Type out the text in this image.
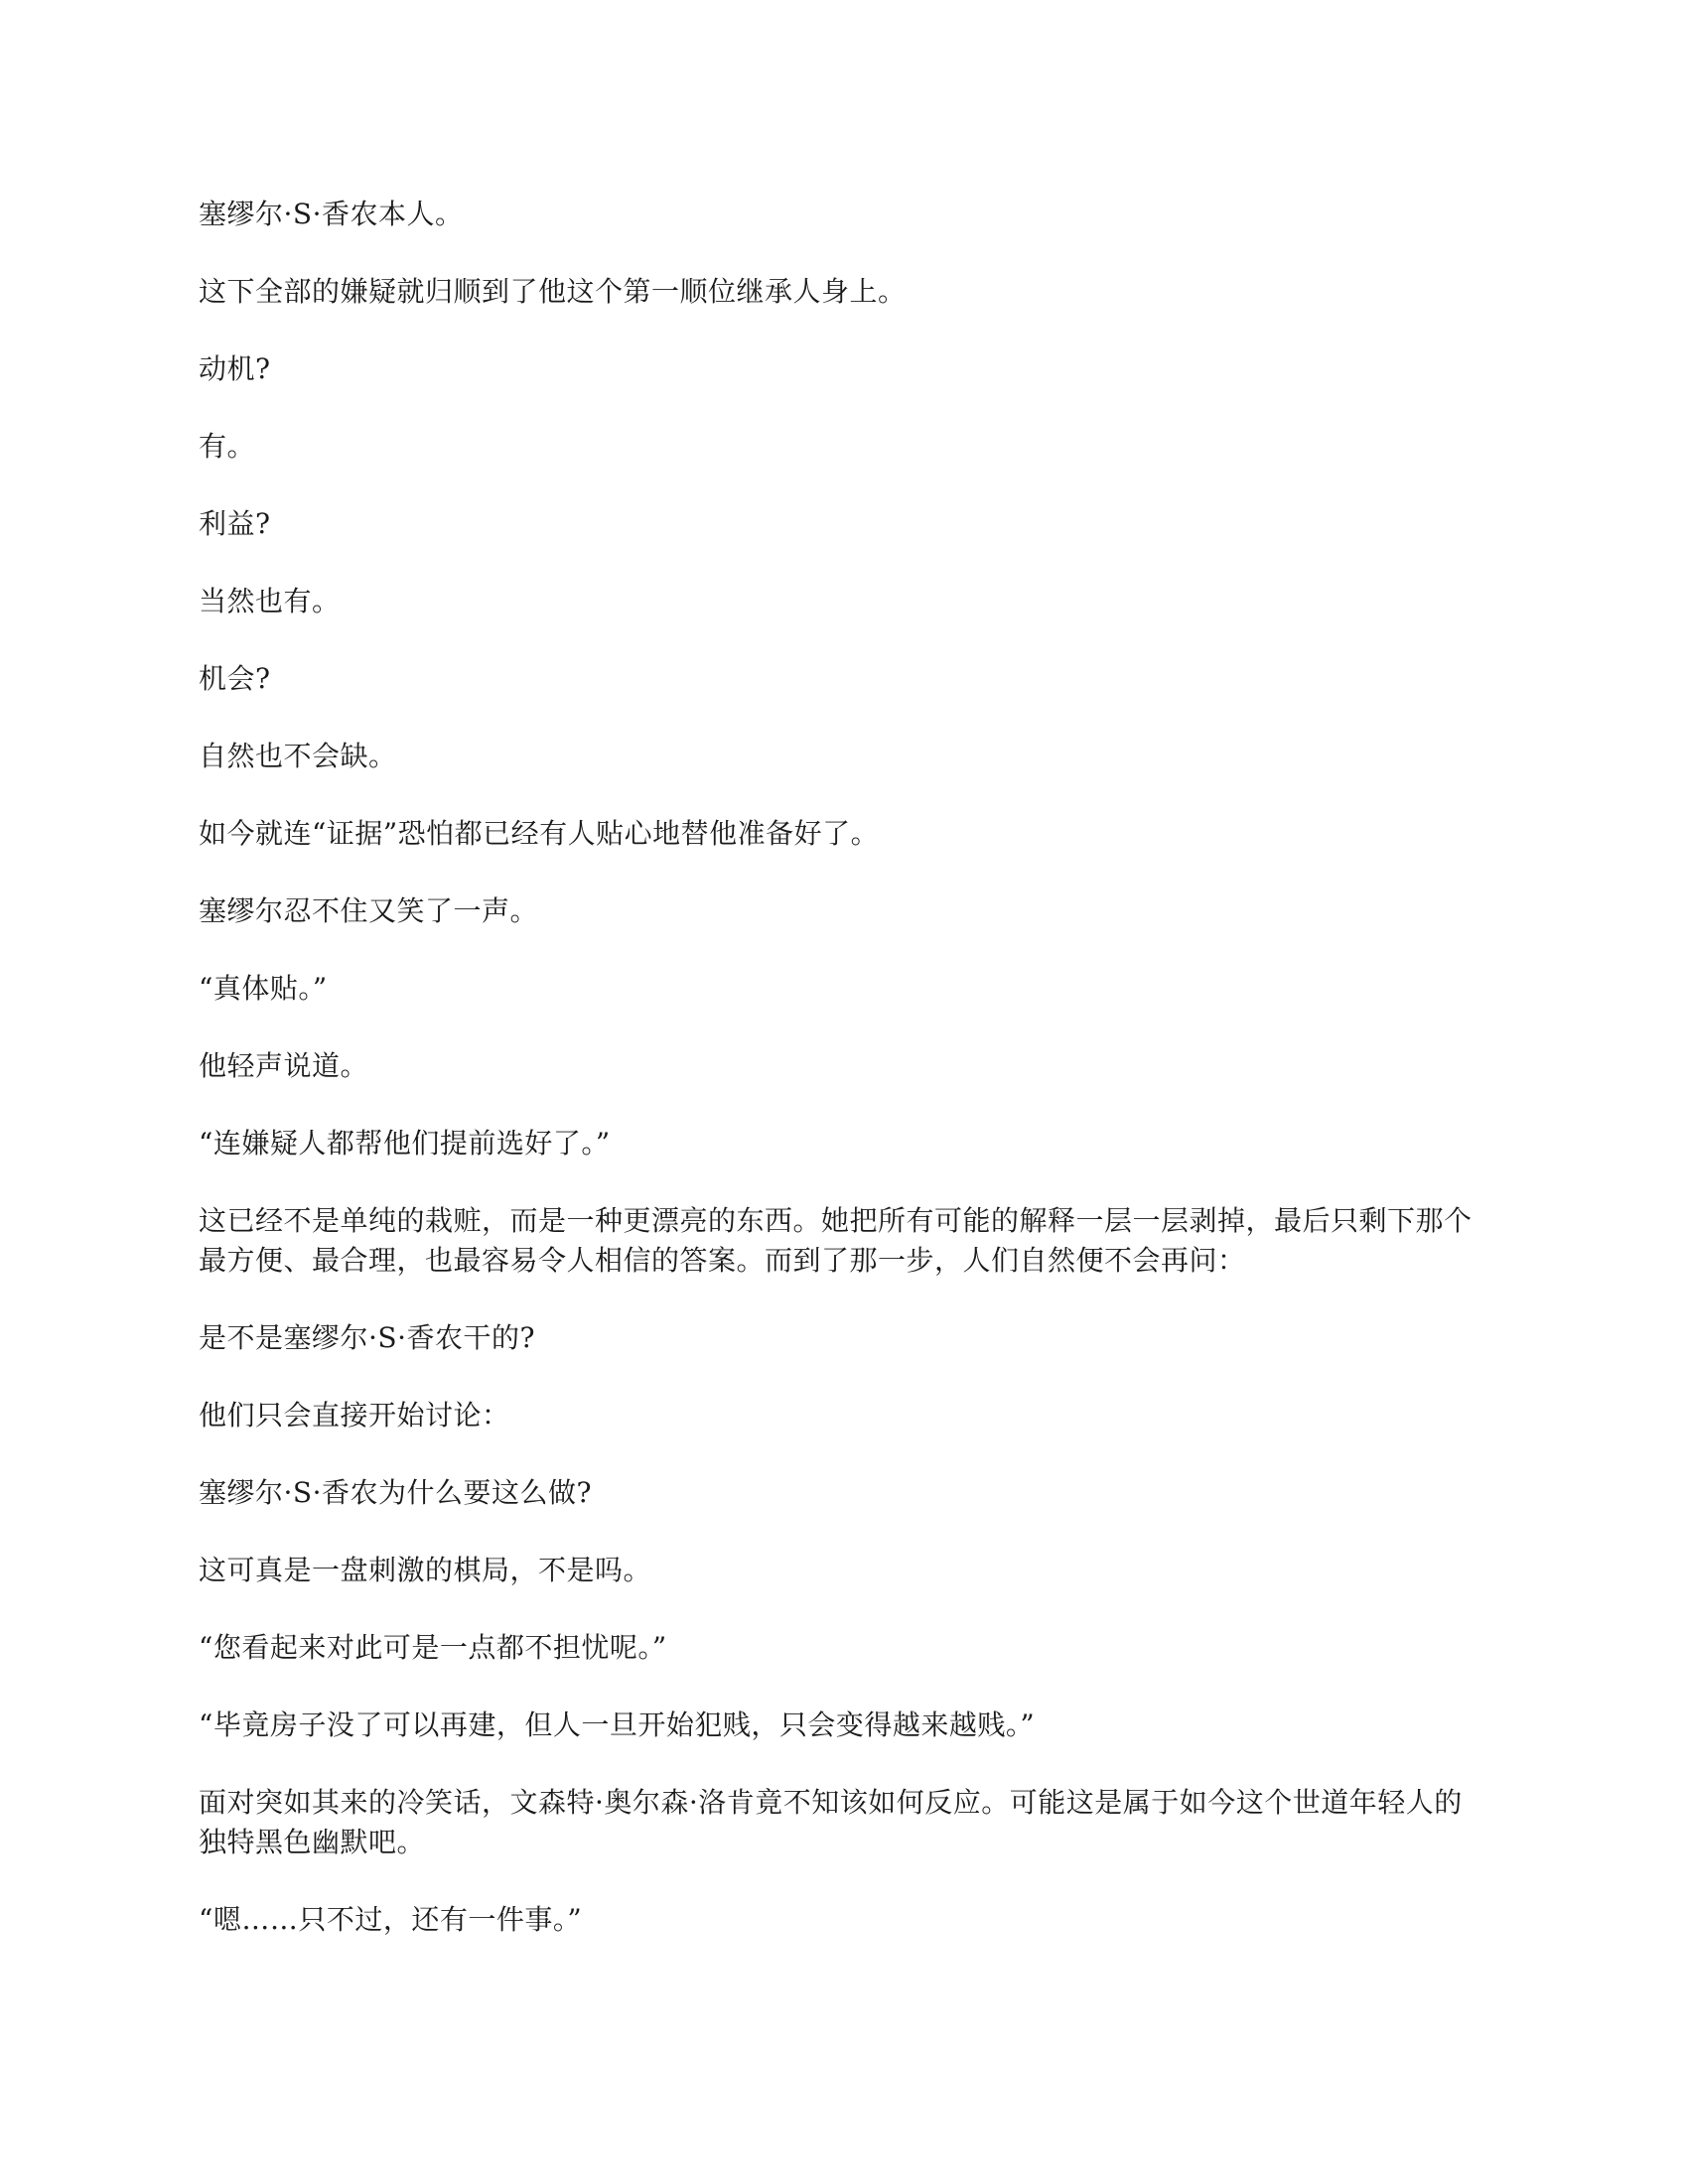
塞缪尔·S·香农本人。

这下全部的嫌疑就归顺到了他这个第一顺位继承人身上。

动机?

有。

利益?

当然也有。

机会?

自然也不会缺。

如今就连“证据”恐怕都已经有人贴心地替他准备好了。

塞缪尔忍不住又笑了一声。

“真体贴。”

他轻声说道。

“连嫌疑人都帮他们提前选好了。”

这已经不是单纯的栽赃，而是一种更漂亮的东西。她把所有可能的解释一层一层剥掉，最后只剩下那个最方便、最合理，也最容易令人相信的答案。而到了那一步，人们自然便不会再问：

是不是塞缪尔·S·香农干的?

他们只会直接开始讨论：

塞缪尔·S·香农为什么要这么做?

这可真是一盘刺激的棋局，不是吗。

“您看起来对此可是一点都不担忧呢。”

“毕竟房子没了可以再建，但人一旦开始犯贱，只会变得越来越贱。”

面对突如其来的冷笑话，文森特·奥尔森·洛肯竟不知该如何反应。可能这是属于如今这个世道年轻人的独特黑色幽默吧。

“嗯……只不过，还有一件事。”
